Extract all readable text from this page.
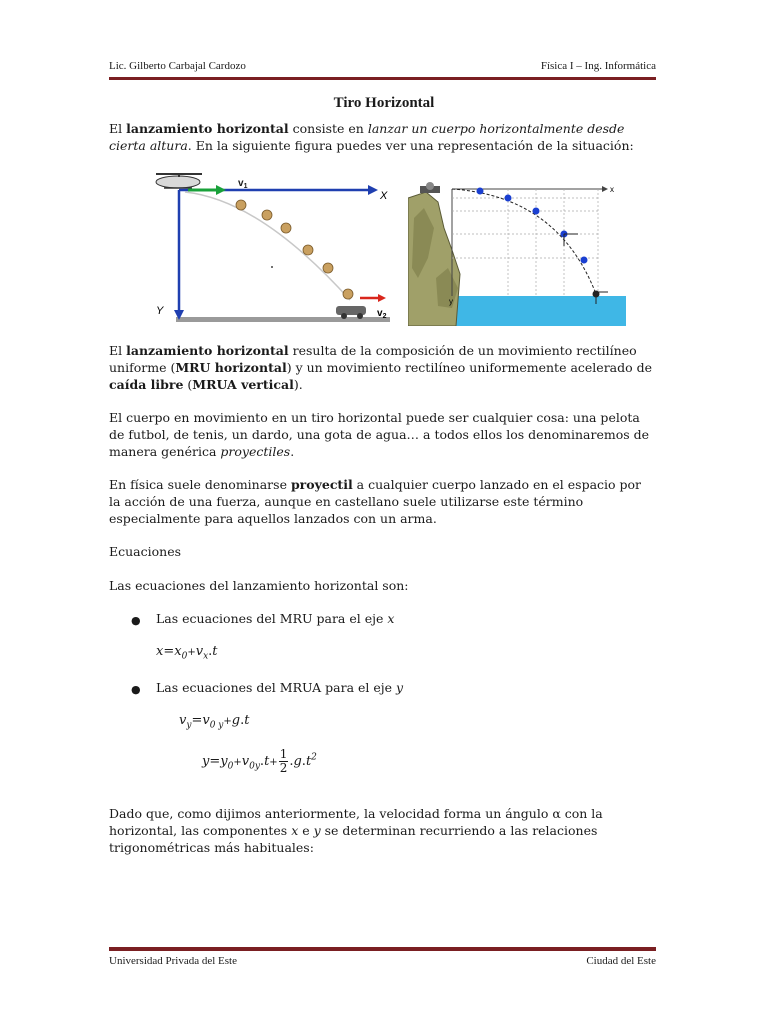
Lic. Gilberto Carbajal Cardozo	Física I – Ing. Informática
Tiro Horizontal
El lanzamiento horizontal consiste en lanzar un cuerpo horizontalmente desde cierta altura. En la siguiente figura puedes ver una representación de la situación:
$v_1$
X
Y	$v_2$
x
y
El lanzamiento horizontal resulta de la composición de un movimiento rectilíneo uniforme (MRU horizontal) y un movimiento rectilíneo uniformemente acelerado de caída libre (MRUA vertical).
El cuerpo en movimiento en un tiro horizontal puede ser cualquier cosa: una pelota de futbol, de tenis, un dardo, una gota de agua… a todos ellos los denominaremos de manera genérica proyectiles.
En física suele denominarse proyectil a cualquier cuerpo lanzado en el espacio por la acción de una fuerza, aunque en castellano suele utilizarse este término especialmente para aquellos lanzados con un arma.
Ecuaciones
Las ecuaciones del lanzamiento horizontal son:
● Las ecuaciones del MRU para el eje x
$x=x_0+v_x.t$
● Las ecuaciones del MRUA para el eje y
$v_y=v_{0 y}+g.t$
$y=y_0+v_{0y}.t+ \frac{1}{2} .g.t^2$
Dado que, como dijimos anteriormente, la velocidad forma un ángulo α con la horizontal, las componentes x e y se determinan recurriendo a las relaciones trigonométricas más habituales:
Universidad Privada del Este	Ciudad del Este
